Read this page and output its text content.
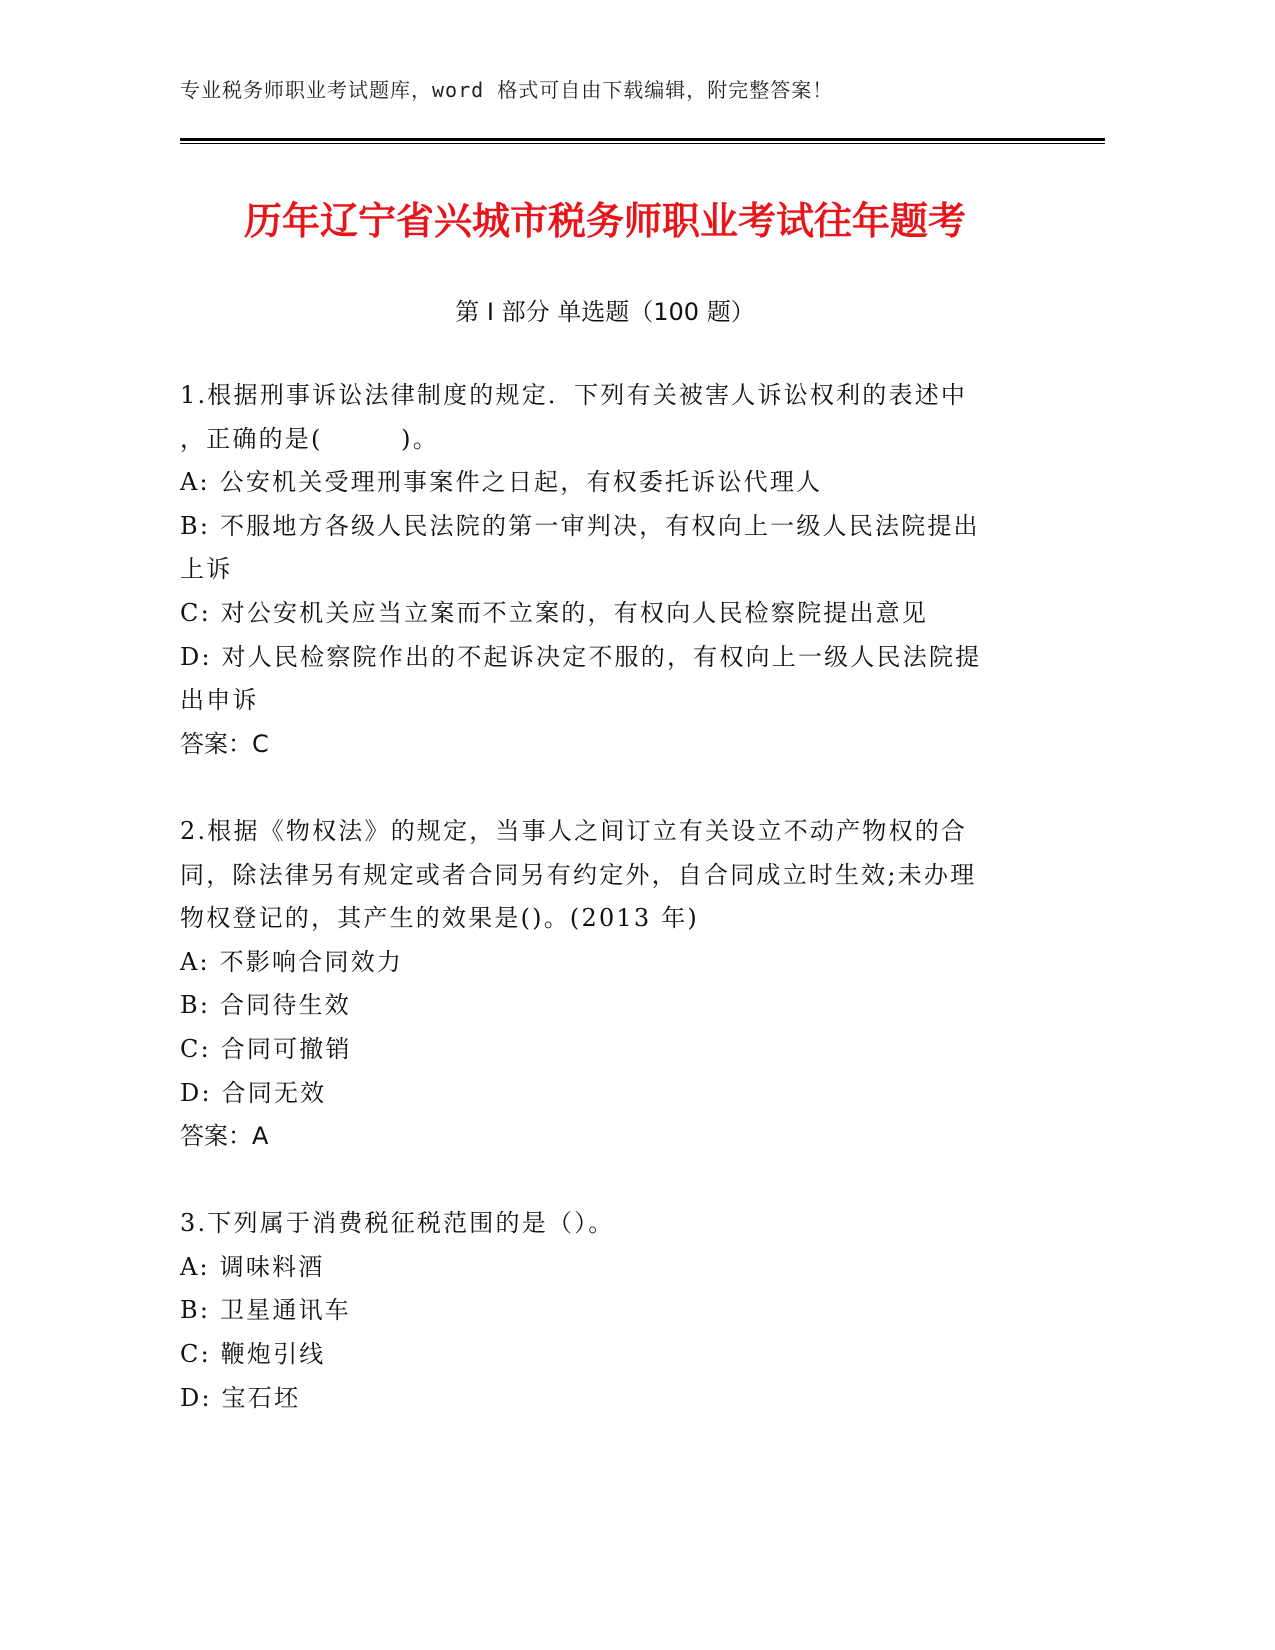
专业税务师职业考试题库，word 格式可自由下载编辑，附完整答案！
历年辽宁省兴城市税务师职业考试往年题考
第 I 部分 单选题（100 题）
1.根据刑事诉讼法律制度的规定．下列有关被害人诉讼权利的表述中
，正确的是(　　　)。
A: 公安机关受理刑事案件之日起，有权委托诉讼代理人
B: 不服地方各级人民法院的第一审判决，有权向上一级人民法院提出
上诉
C: 对公安机关应当立案而不立案的，有权向人民检察院提出意见
D: 对人民检察院作出的不起诉决定不服的，有权向上一级人民法院提
出申诉
答案：C
2.根据《物权法》的规定，当事人之间订立有关设立不动产物权的合
同，除法律另有规定或者合同另有约定外，自合同成立时生效;未办理
物权登记的，其产生的效果是()。(2013 年)
A: 不影响合同效力
B: 合同待生效
C: 合同可撤销
D: 合同无效
答案：A
3.下列属于消费税征税范围的是（）。
A: 调味料酒
B: 卫星通讯车
C: 鞭炮引线
D: 宝石坯
